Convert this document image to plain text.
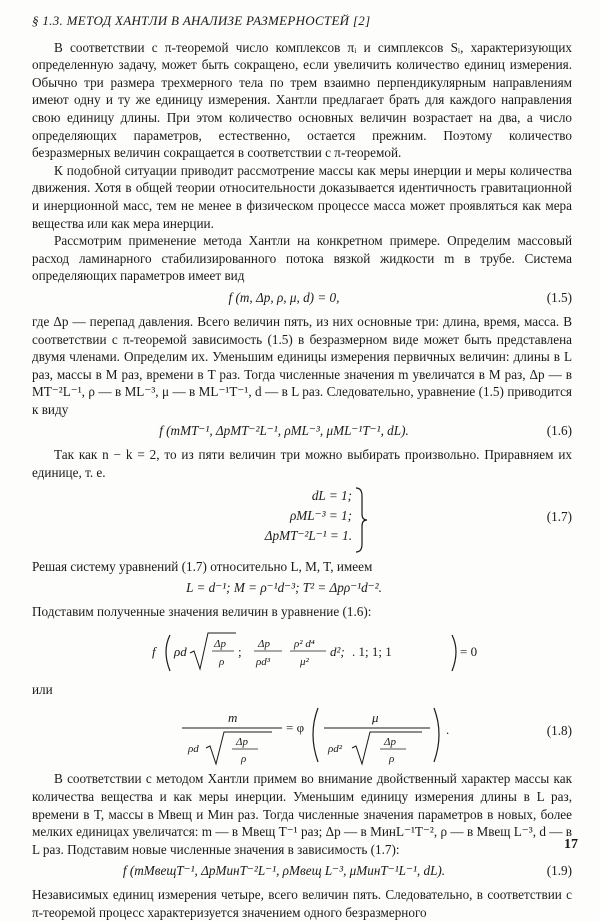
§ 1.3. МЕТОД ХАНТЛИ В АНАЛИЗЕ РАЗМЕРНОСТЕЙ [2]

В соответствии с π-теоремой число комплексов πᵢ и симплексов Sᵢ, характеризующих определенную задачу, может быть сокращено, если увеличить количество единиц измерения. Обычно три размера трехмерного тела по трем взаимно перпендикулярным направлениям имеют одну и ту же единицу измерения. Хантли предлагает брать для каждого направления свою единицу длины. При этом количество основных величин возрастает на два, а число определяющих параметров, естественно, остается прежним. Поэтому количество безразмерных величин сокращается в соответствии с π-теоремой.

К подобной ситуации приводит рассмотрение массы как меры инерции и меры количества движения. Хотя в общей теории относительности доказывается идентичность гравитационной и инерционной масс, тем не менее в физическом процессе масса может проявляться как мера вещества или как мера инерции.

Рассмотрим применение метода Хантли на конкретном примере. Определим массовый расход ламинарного стабилизированного потока вязкой жидкости m в трубе. Система определяющих параметров имеет вид

f (m, Δp, ρ, μ, d) = 0,	(1.5)

где Δp — перепад давления. Всего величин пять, из них основные три: длина, время, масса. В соответствии с π-теоремой зависимость (1.5) в безразмерном виде может быть представлена двумя членами. Определим их. Уменьшим единицы измерения первичных величин: длины в L раз, массы в M раз, времени в T раз. Тогда численные значения m увеличатся в M раз, Δp — в MT⁻²L⁻¹, ρ — в ML⁻³, μ — в ML⁻¹T⁻¹, d — в L раз. Следовательно, уравнение (1.5) приводится к виду

f (mMT⁻¹, ΔpMT⁻²L⁻¹, ρML⁻³, μML⁻¹T⁻¹, dL).	(1.6)

Так как n − k = 2, то из пяти величин три можно выбирать произвольно. Приравняем их единице, т. е.

dL = 1;
ρML⁻³ = 1;
ΔpMT⁻²L⁻¹ = 1.
(1.7)

Решая систему уравнений (1.7) относительно L, M, T, имеем

L = d⁻¹; M = ρ⁻¹d⁻³; T² = Δpρ⁻¹d⁻².

Подставим полученные значения величин в уравнение (1.6):

f ρd Δp
ρ
; Δp
ρd³
ρ² d⁴
μ²
d²; . 1; 1; 1	= 0

или

m
ρd
Δp
ρ
= φ
μ
ρd²
Δp
ρ
.	(1.8)

В соответствии с методом Хантли примем во внимание двойственный характер массы как количества вещества и как меры инерции. Уменьшим единицу измерения длины в L раз, времени в T, массы в Mвещ и Mин раз. Тогда численные значения параметров в новых, более мелких единицах увеличатся: m — в Mвещ T⁻¹ раз; Δp — в MинL⁻¹T⁻², ρ — в Mвещ L⁻³, d — в L раз. Подставим новые численные значения в зависимость (1.7):

f (mMвещT⁻¹, ΔpMинT⁻²L⁻¹, ρMвещ L⁻³, μMинT⁻¹L⁻¹, dL).	(1.9)

Независимых единиц измерения четыре, всего величин пять. Следовательно, в соответствии с π-теоремой процесс характеризуется значением одного безразмерного

17
